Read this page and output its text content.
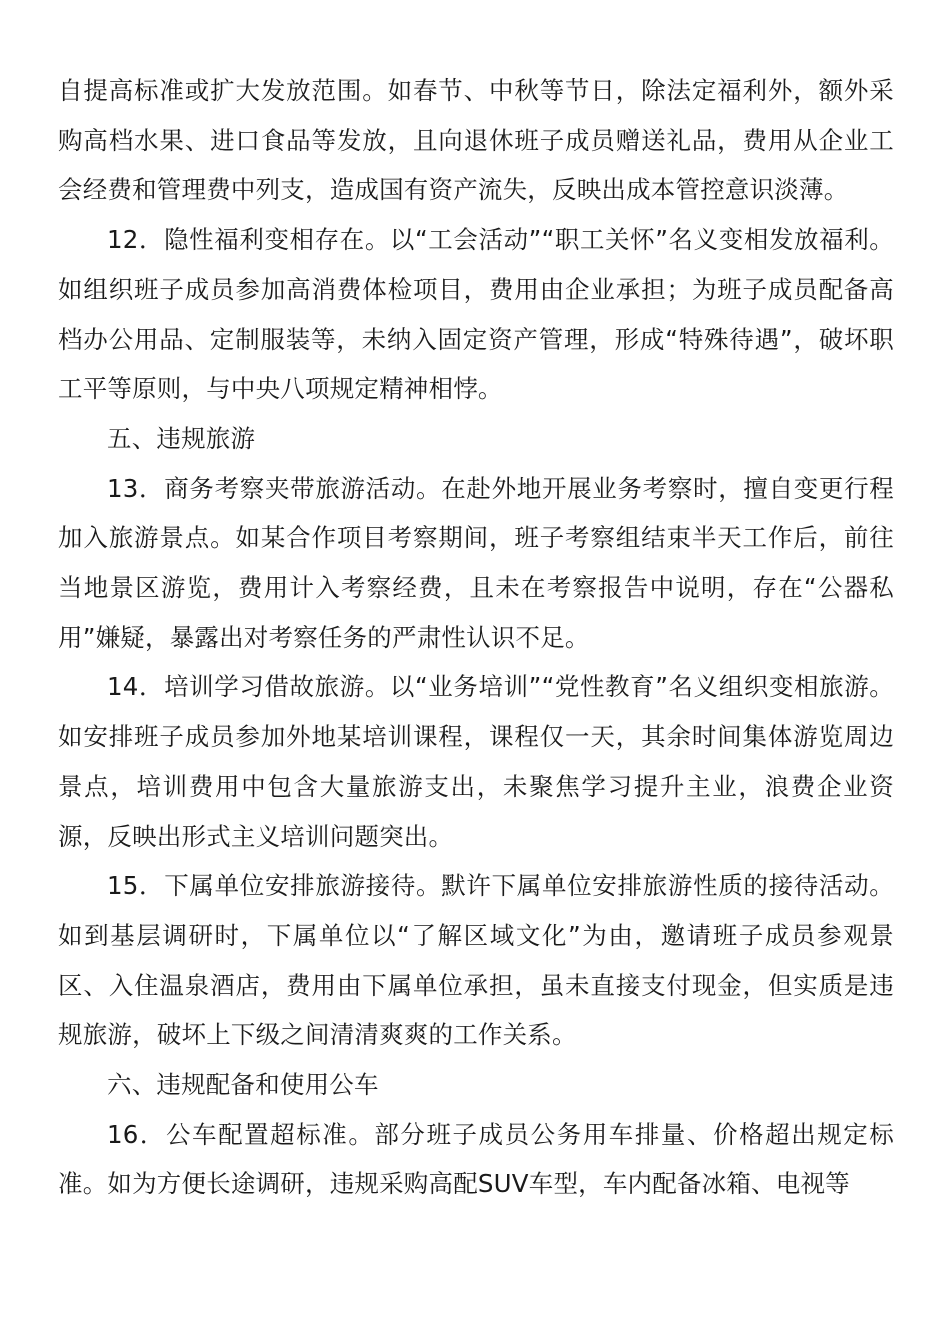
自提高标准或扩大发放范围。如春节、中秋等节日，除法定福利外，额外采购高档水果、进口食品等发放，且向退休班子成员赠送礼品，费用从企业工会经费和管理费中列支，造成国有资产流失，反映出成本管控意识淡薄。

12．隐性福利变相存在。以“工会活动”“职工关怀”名义变相发放福利。如组织班子成员参加高消费体检项目，费用由企业承担；为班子成员配备高档办公用品、定制服装等，未纳入固定资产管理，形成“特殊待遇”，破坏职工平等原则，与中央八项规定精神相悖。

五、违规旅游

13．商务考察夹带旅游活动。在赴外地开展业务考察时，擅自变更行程加入旅游景点。如某合作项目考察期间，班子考察组结束半天工作后，前往当地景区游览，费用计入考察经费，且未在考察报告中说明，存在“公器私用”嫌疑，暴露出对考察任务的严肃性认识不足。

14．培训学习借故旅游。以“业务培训”“党性教育”名义组织变相旅游。如安排班子成员参加外地某培训课程，课程仅一天，其余时间集体游览周边景点，培训费用中包含大量旅游支出，未聚焦学习提升主业，浪费企业资源，反映出形式主义培训问题突出。

15．下属单位安排旅游接待。默许下属单位安排旅游性质的接待活动。如到基层调研时，下属单位以“了解区域文化”为由，邀请班子成员参观景区、入住温泉酒店，费用由下属单位承担，虽未直接支付现金，但实质是违规旅游，破坏上下级之间清清爽爽的工作关系。

六、违规配备和使用公车

16．公车配置超标准。部分班子成员公务用车排量、价格超出规定标准。如为方便长途调研，违规采购高配SUV车型，车内配备冰箱、电视等
